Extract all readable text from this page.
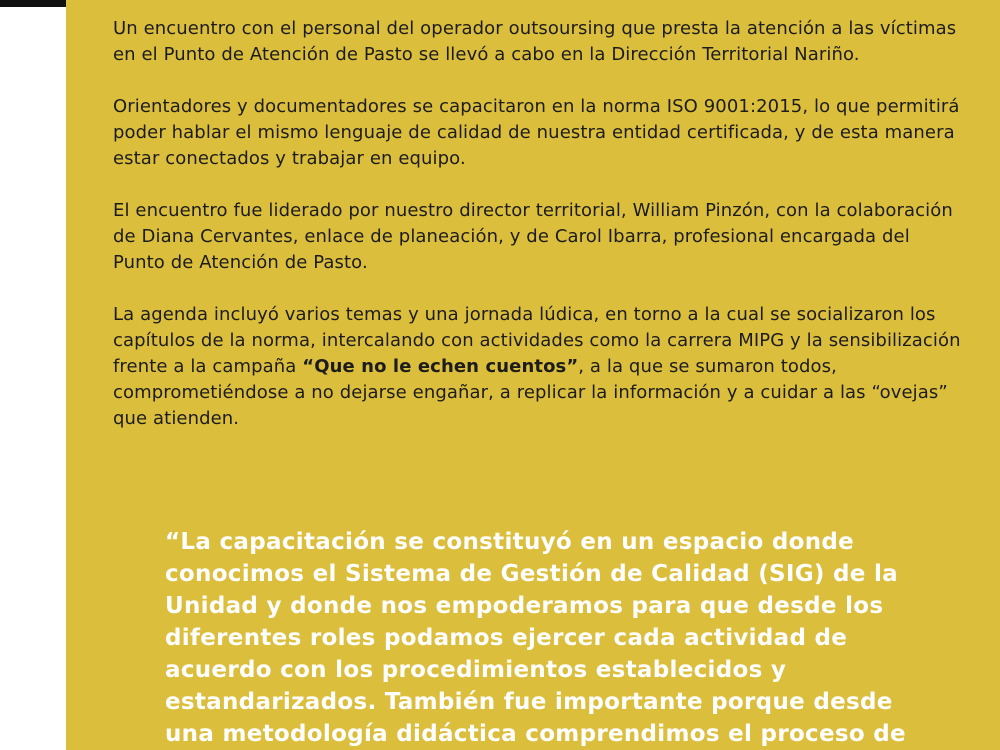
Un encuentro con el personal del operador outsoursing que presta la atención a las víctimas en el Punto de Atención de Pasto se llevó a cabo en la Dirección Territorial Nariño.

Orientadores y documentadores se capacitaron en la norma ISO 9001:2015, lo que permitirá poder hablar el mismo lenguaje de calidad de nuestra entidad certificada, y de esta manera estar conectados y trabajar en equipo.

El encuentro fue liderado por nuestro director territorial, William Pinzón, con la colaboración de Diana Cervantes, enlace de planeación, y de Carol Ibarra, profesional encargada del Punto de Atención de Pasto.

La agenda incluyó varios temas y una jornada lúdica, en torno a la cual se socializaron los capítulos de la norma, intercalando con actividades como la carrera MIPG y la sensibilización frente a la campaña “Que no le echen cuentos”, a la que se sumaron todos, comprometiéndose a no dejarse engañar, a replicar la información y a cuidar a las “ovejas” que atienden.

“La capacitación se constituyó en un espacio donde conocimos el Sistema de Gestión de Calidad (SIG) de la Unidad y donde nos empoderamos para que desde los diferentes roles podamos ejercer cada actividad de acuerdo con los procedimientos establecidos y estandarizados. También fue importante porque desde una metodología didáctica comprendimos el proceso de
